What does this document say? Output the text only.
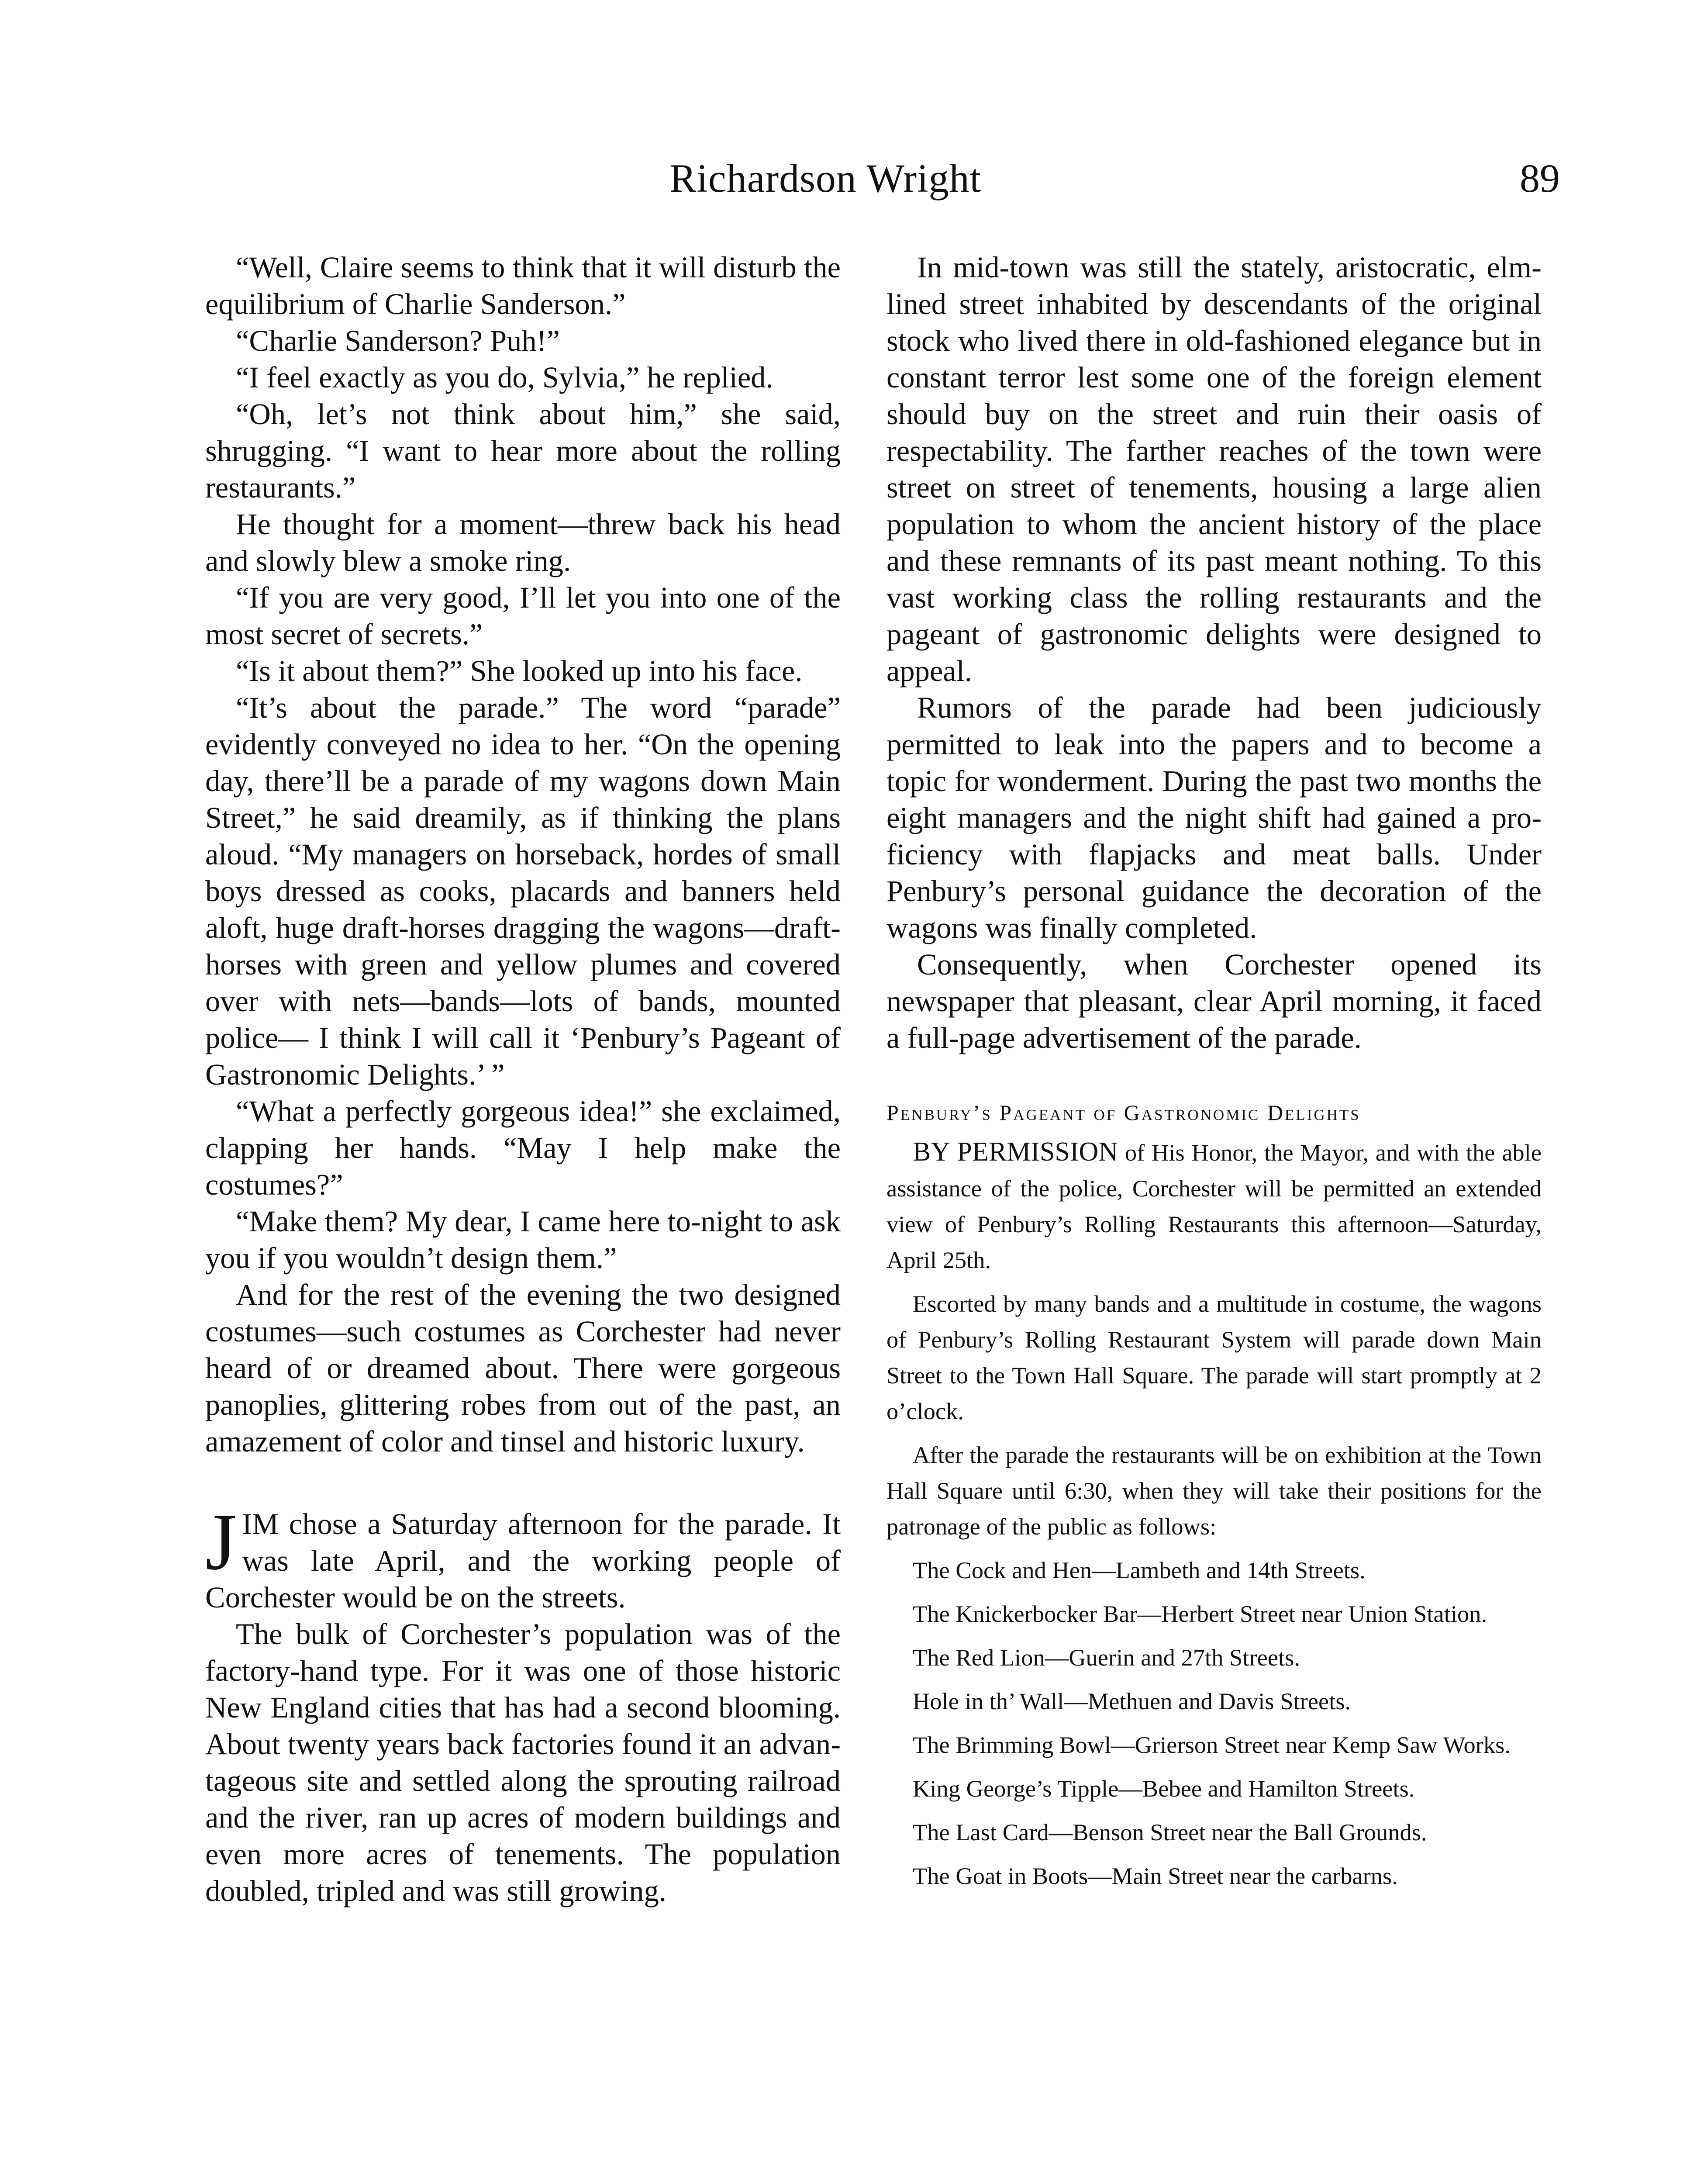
Richardson Wright	89

“Well, Claire seems to think that it will disturb the equilibrium of Charlie Sanderson.”

“Charlie Sanderson? Puh!”

“I feel exactly as you do, Sylvia,” he replied.

“Oh, let’s not think about him,” she said, shrugging. “I want to hear more about the rolling restaurants.”

He thought for a moment—threw back his head and slowly blew a smoke ring.

“If you are very good, I’ll let you into one of the most secret of secrets.”

“Is it about them?” She looked up into his face.

“It’s about the parade.” The word “parade” evidently conveyed no idea to her. “On the opening day, there’ll be a parade of my wagons down Main Street,” he said dreamily, as if thinking the plans aloud. “My managers on horseback, hordes of small boys dressed as cooks, placards and banners held aloft, huge draft-horses dragging the wagons—draft-horses with green and yellow plumes and covered over with nets—bands—lots of bands, mounted police— I think I will call it ‘Penbury’s Pageant of Gastronomic Delights.’ ”

“What a perfectly gorgeous idea!” she exclaimed, clapping her hands. “May I help make the costumes?”

“Make them? My dear, I came here to-night to ask you if you wouldn’t design them.”

And for the rest of the evening the two designed costumes—such costumes as Corchester had never heard of or dreamed about. There were gorgeous panoplies, glittering robes from out of the past, an amazement of color and tinsel and historic luxury.

JIM chose a Saturday afternoon for the parade. It was late April, and the working people of Corchester would be on the streets.

The bulk of Corchester’s population was of the factory-hand type. For it was one of those historic New England cities that has had a second blooming. About twenty years back factories found it an advantageous site and settled along the sprouting railroad and the river, ran up acres of modern buildings and even more acres of tenements. The population doubled, tripled and was still growing.

In mid-town was still the stately, aristocratic, elm-lined street inhabited by descendants of the original stock who lived there in old-fashioned elegance but in constant terror lest some one of the foreign element should buy on the street and ruin their oasis of respectability. The farther reaches of the town were street on street of tenements, housing a large alien population to whom the ancient history of the place and these remnants of its past meant nothing. To this vast working class the rolling restaurants and the pageant of gastronomic delights were designed to appeal.

Rumors of the parade had been judiciously permitted to leak into the papers and to become a topic for wonderment. During the past two months the eight managers and the night shift had gained a proficiency with flapjacks and meat balls. Under Penbury’s personal guidance the decoration of the wagons was finally completed.

Consequently, when Corchester opened its newspaper that pleasant, clear April morning, it faced a full-page advertisement of the parade.

Penbury’s Pageant of Gastronomic Delights

BY PERMISSION of His Honor, the Mayor, and with the able assistance of the police, Corchester will be permitted an extended view of Penbury’s Rolling Restaurants this afternoon—Saturday, April 25th.

Escorted by many bands and a multitude in costume, the wagons of Penbury’s Rolling Restaurant System will parade down Main Street to the Town Hall Square. The parade will start promptly at 2 o’clock.

After the parade the restaurants will be on exhibition at the Town Hall Square until 6:30, when they will take their positions for the patronage of the public as follows:

The Cock and Hen—Lambeth and 14th Streets.

The Knickerbocker Bar—Herbert Street near Union Station.

The Red Lion—Guerin and 27th Streets.

Hole in th’ Wall—Methuen and Davis Streets.

The Brimming Bowl—Grierson Street near Kemp Saw Works.

King George’s Tipple—Bebee and Hamilton Streets.

The Last Card—Benson Street near the Ball Grounds.

The Goat in Boots—Main Street near the carbarns.
